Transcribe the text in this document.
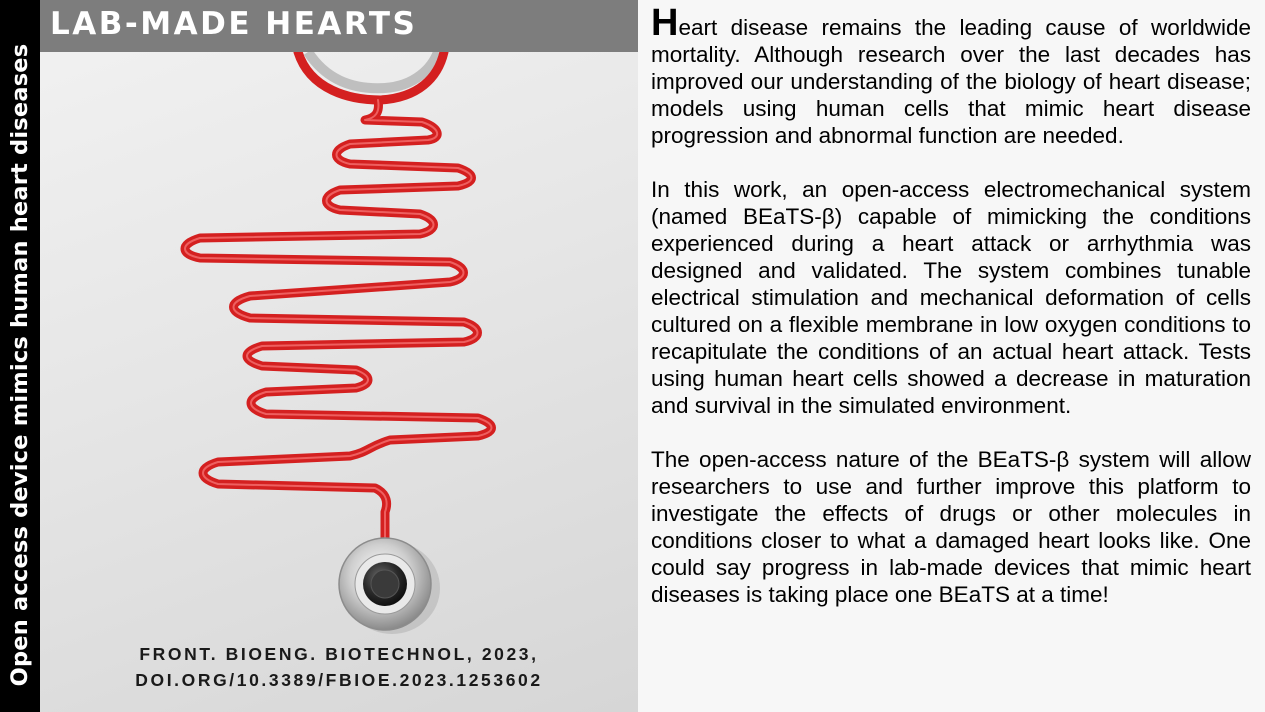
Open access device mimics human heart diseases
LAB-MADE HEARTS
FRONT. BIOENG. BIOTECHNOL, 2023,
DOI.ORG/10.3389/FBIOE.2023.1253602

Heart disease remains the leading cause of worldwide mortality. Although research over the last decades has improved our understanding of the biology of heart disease; models using human cells that mimic heart disease progression and abnormal function are needed.

In this work, an open-access electromechanical system (named BEaTS-β) capable of mimicking the conditions experienced during a heart attack or arrhythmia was designed and validated. The system combines tunable electrical stimulation and mechanical deformation of cells cultured on a flexible membrane in low oxygen conditions to recapitulate the conditions of an actual heart attack. Tests using human heart cells showed a decrease in maturation and survival in the simulated environment.

The open-access nature of the BEaTS-β system will allow researchers to use and further improve this platform to investigate the effects of drugs or other molecules in conditions closer to what a damaged heart looks like. One could say progress in lab-made devices that mimic heart diseases is taking place one BEaTS at a time!
